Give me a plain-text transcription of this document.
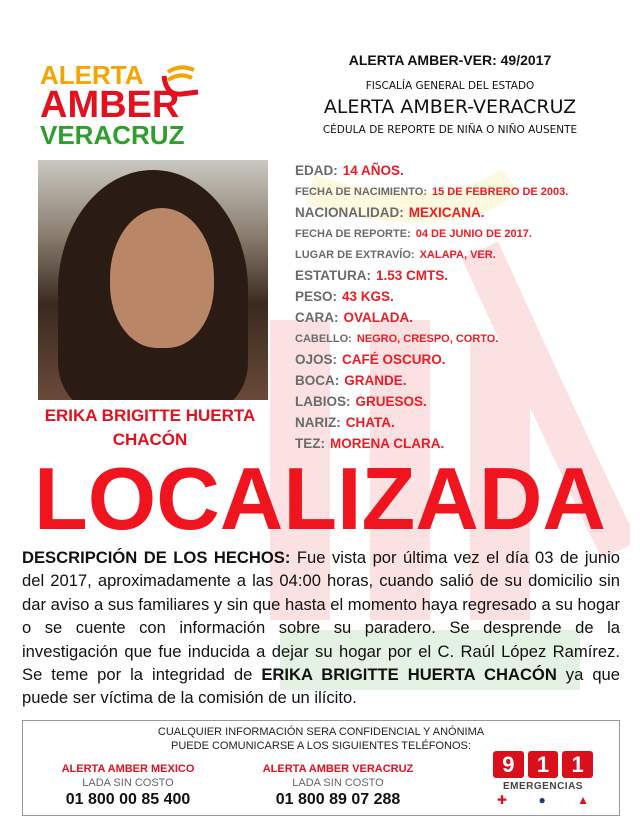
ALERTA
AMBER
VERACRUZ
ALERTA AMBER-VER: 49/2017
FISCALÍA GENERAL DEL ESTADO
ALERTA AMBER-VERACRUZ
CÉDULA DE REPORTE DE NIÑA O NIÑO AUSENTE
ERIKA BRIGITTE HUERTA CHACÓN
EDAD: 14 AÑOS.
FECHA DE NACIMIENTO: 15 DE FEBRERO DE 2003.
NACIONALIDAD: MEXICANA.
FECHA DE REPORTE: 04 DE JUNIO DE 2017.
LUGAR DE EXTRAVÍO: XALAPA, VER.
ESTATURA: 1.53 CMTS.
PESO: 43 KGS.
CARA: OVALADA.
CABELLO: NEGRO, CRESPO, CORTO.
OJOS: CAFÉ OSCURO.
BOCA: GRANDE.
LABIOS: GRUESOS.
NARIZ: CHATA.
TEZ: MORENA CLARA.
LOCALIZADA
DESCRIPCIÓN DE LOS HECHOS: Fue vista por última vez el día 03 de junio del 2017, aproximadamente a las 04:00 horas, cuando salió de su domicilio sin dar aviso a sus familiares y sin que hasta el momento haya regresado a su hogar o se cuente con información sobre su paradero. Se desprende de la investigación que fue inducida a dejar su hogar por el C. Raúl López Ramírez. Se teme por la integridad de ERIKA BRIGITTE HUERTA CHACÓN ya que puede ser víctima de la comisión de un ilícito.
CUALQUIER INFORMACIÓN SERA CONFIDENCIAL Y ANÓNIMA
PUEDE COMUNICARSE A LOS SIGUIENTES TELÉFONOS:
ALERTA AMBER MEXICO
LADA SIN COSTO
01 800 00 85 400
ALERTA AMBER VERACRUZ
LADA SIN COSTO
01 800 89 07 288
9	1	1
EMERGENCIAS
✚	●	▲
